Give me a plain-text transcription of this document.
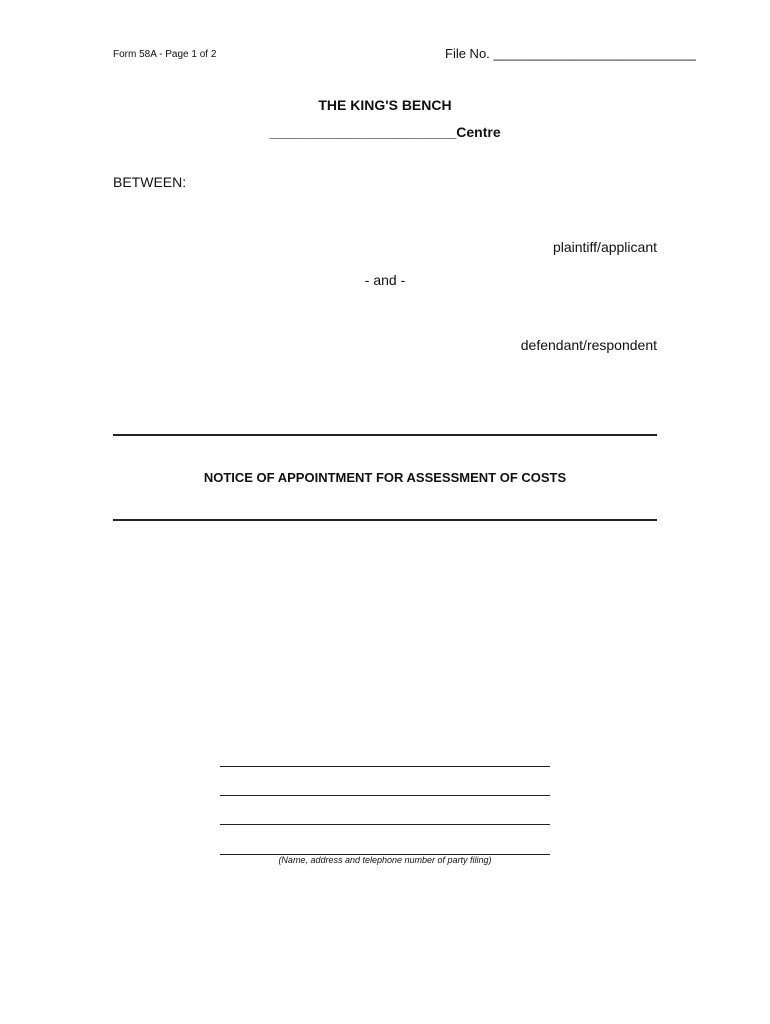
Form 58A - Page 1 of 2	File No. ____________________________
THE KING'S BENCH
________________________Centre
BETWEEN:
plaintiff/applicant
- and -
defendant/respondent
NOTICE OF APPOINTMENT FOR ASSESSMENT OF COSTS
(Name, address and telephone number of party filing)
